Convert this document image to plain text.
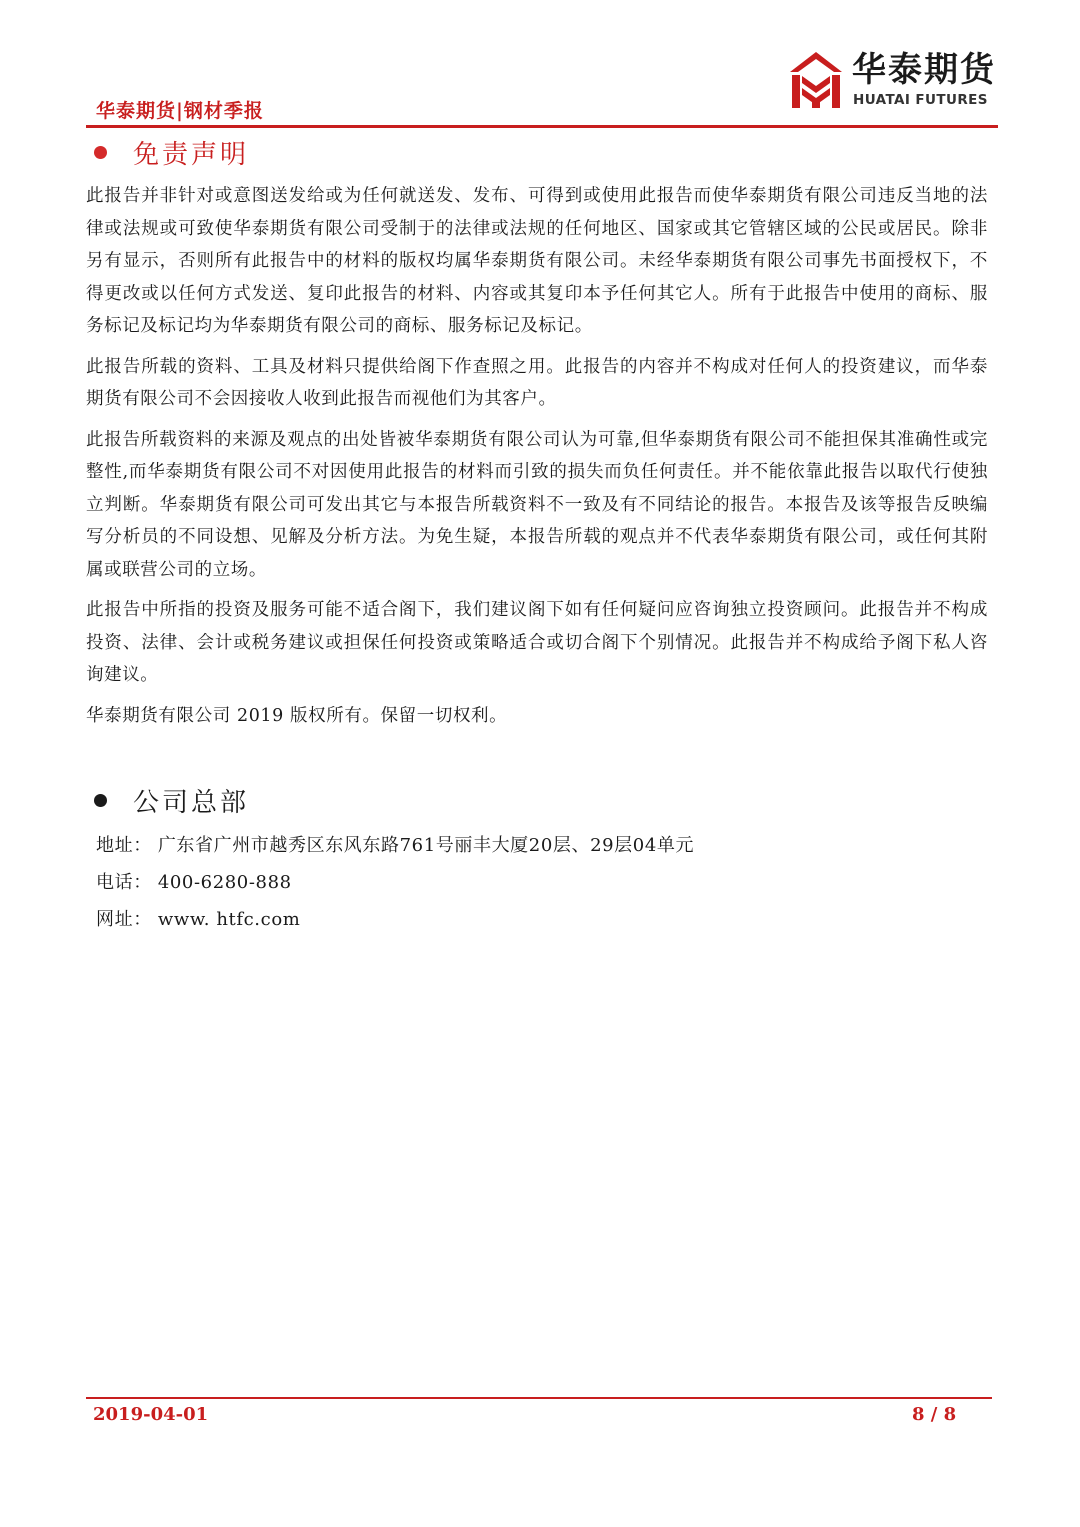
华泰期货|钢材季报
华泰期货
HUATAI FUTURES
免责声明

此报告并非针对或意图送发给或为任何就送发、发布、可得到或使用此报告而使华泰期货有限公司违反当地的法律或法规或可致使华泰期货有限公司受制于的法律或法规的任何地区、国家或其它管辖区域的公民或居民。除非另有显示，否则所有此报告中的材料的版权均属华泰期货有限公司。未经华泰期货有限公司事先书面授权下，不得更改或以任何方式发送、复印此报告的材料、内容或其复印本予任何其它人。所有于此报告中使用的商标、服务标记及标记均为华泰期货有限公司的商标、服务标记及标记。

此报告所载的资料、工具及材料只提供给阁下作查照之用。此报告的内容并不构成对任何人的投资建议，而华泰期货有限公司不会因接收人收到此报告而视他们为其客户。

此报告所载资料的来源及观点的出处皆被华泰期货有限公司认为可靠,但华泰期货有限公司不能担保其准确性或完整性,而华泰期货有限公司不对因使用此报告的材料而引致的损失而负任何责任。并不能依靠此报告以取代行使独立判断。华泰期货有限公司可发出其它与本报告所载资料不一致及有不同结论的报告。本报告及该等报告反映编写分析员的不同设想、见解及分析方法。为免生疑，本报告所载的观点并不代表华泰期货有限公司，或任何其附属或联营公司的立场。

此报告中所指的投资及服务可能不适合阁下，我们建议阁下如有任何疑问应咨询独立投资顾问。此报告并不构成投资、法律、会计或税务建议或担保任何投资或策略适合或切合阁下个别情况。此报告并不构成给予阁下私人咨询建议。

华泰期货有限公司 2019 版权所有。保留一切权利。

公司总部
地址： 广东省广州市越秀区东风东路761号丽丰大厦20层、29层04单元
电话： 400-6280-888
网址： www. htfc.com
2019-04-01	8 / 8
